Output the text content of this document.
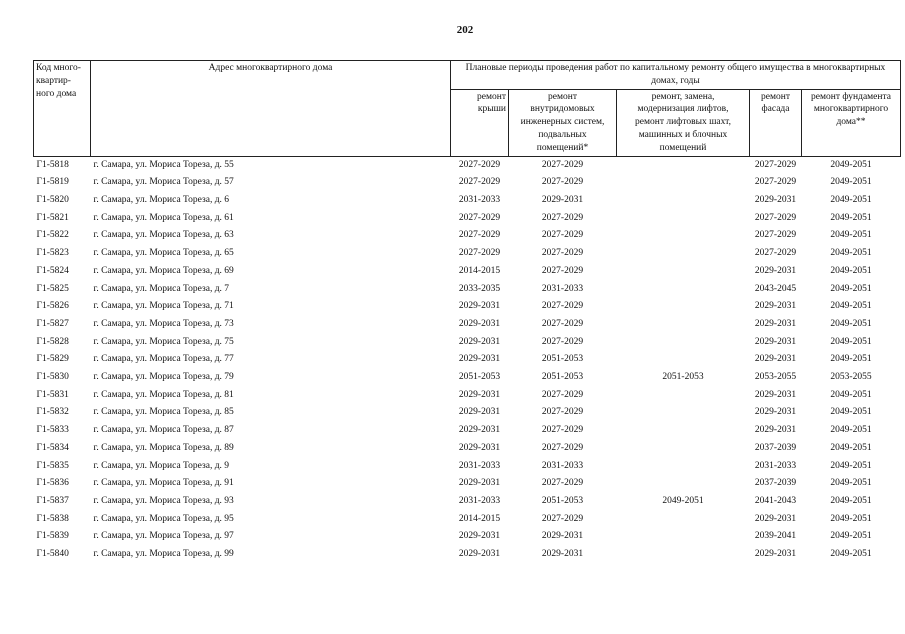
202
Код много-
квартир-
ного дома	Адрес многоквартирного дома	Плановые периоды проведения работ по капитальному ремонту общего имущества в многоквартирных домах, годы				
		ремонт
крыши	ремонт
внутридомовых
инженерных систем,
подвальных
помещений*	ремонт, замена,
модернизация лифтов,
ремонт лифтовых шахт,
машинных и блочных
помещений	ремонт
фасада	ремонт фундамента
многоквартирного
дома**
Г1-5818	г. Самара, ул. Мориса Тореза, д. 55	2027-2029	2027-2029		2027-2029	2049-2051
Г1-5819	г. Самара, ул. Мориса Тореза, д. 57	2027-2029	2027-2029		2027-2029	2049-2051
Г1-5820	г. Самара, ул. Мориса Тореза, д. 6	2031-2033	2029-2031		2029-2031	2049-2051
Г1-5821	г. Самара, ул. Мориса Тореза, д. 61	2027-2029	2027-2029		2027-2029	2049-2051
Г1-5822	г. Самара, ул. Мориса Тореза, д. 63	2027-2029	2027-2029		2027-2029	2049-2051
Г1-5823	г. Самара, ул. Мориса Тореза, д. 65	2027-2029	2027-2029		2027-2029	2049-2051
Г1-5824	г. Самара, ул. Мориса Тореза, д. 69	2014-2015	2027-2029		2029-2031	2049-2051
Г1-5825	г. Самара, ул. Мориса Тореза, д. 7	2033-2035	2031-2033		2043-2045	2049-2051
Г1-5826	г. Самара, ул. Мориса Тореза, д. 71	2029-2031	2027-2029		2029-2031	2049-2051
Г1-5827	г. Самара, ул. Мориса Тореза, д. 73	2029-2031	2027-2029		2029-2031	2049-2051
Г1-5828	г. Самара, ул. Мориса Тореза, д. 75	2029-2031	2027-2029		2029-2031	2049-2051
Г1-5829	г. Самара, ул. Мориса Тореза, д. 77	2029-2031	2051-2053		2029-2031	2049-2051
Г1-5830	г. Самара, ул. Мориса Тореза, д. 79	2051-2053	2051-2053	2051-2053	2053-2055	2053-2055
Г1-5831	г. Самара, ул. Мориса Тореза, д. 81	2029-2031	2027-2029		2029-2031	2049-2051
Г1-5832	г. Самара, ул. Мориса Тореза, д. 85	2029-2031	2027-2029		2029-2031	2049-2051
Г1-5833	г. Самара, ул. Мориса Тореза, д. 87	2029-2031	2027-2029		2029-2031	2049-2051
Г1-5834	г. Самара, ул. Мориса Тореза, д. 89	2029-2031	2027-2029		2037-2039	2049-2051
Г1-5835	г. Самара, ул. Мориса Тореза, д. 9	2031-2033	2031-2033		2031-2033	2049-2051
Г1-5836	г. Самара, ул. Мориса Тореза, д. 91	2029-2031	2027-2029		2037-2039	2049-2051
Г1-5837	г. Самара, ул. Мориса Тореза, д. 93	2031-2033	2051-2053	2049-2051	2041-2043	2049-2051
Г1-5838	г. Самара, ул. Мориса Тореза, д. 95	2014-2015	2027-2029		2029-2031	2049-2051
Г1-5839	г. Самара, ул. Мориса Тореза, д. 97	2029-2031	2029-2031		2039-2041	2049-2051
Г1-5840	г. Самара, ул. Мориса Тореза, д. 99	2029-2031	2029-2031		2029-2031	2049-2051
